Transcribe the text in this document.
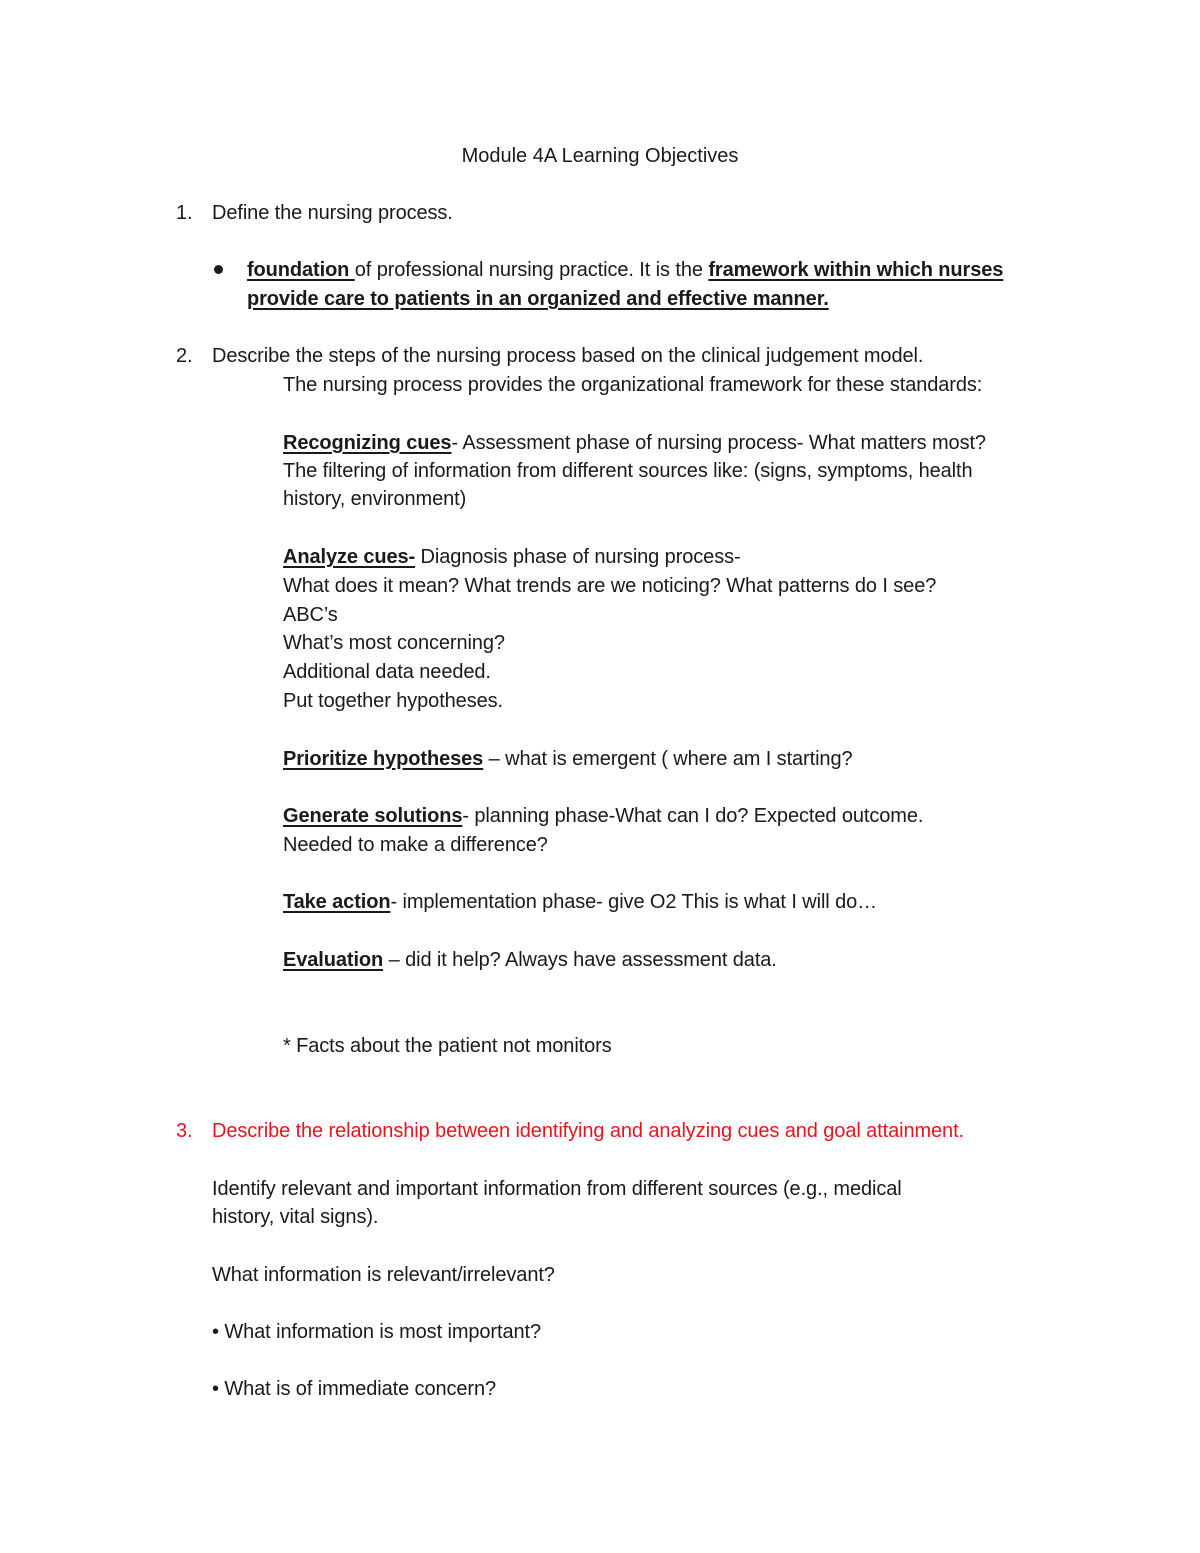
Module 4A Learning Objectives
1. Define the nursing process.
foundation of professional nursing practice. It is the framework within which nurses
provide care to patients in an organized and effective manner.
2. Describe the steps of the nursing process based on the clinical judgement model.
The nursing process provides the organizational framework for these standards:
Recognizing cues- Assessment phase of nursing process- What matters most?
The filtering of information from different sources like: (signs, symptoms, health
history, environment)
Analyze cues- Diagnosis phase of nursing process-
What does it mean? What trends are we noticing? What patterns do I see?
ABC’s
What’s most concerning?
Additional data needed.
Put together hypotheses.
Prioritize hypotheses – what is emergent ( where am I starting?
Generate solutions- planning phase-What can I do? Expected outcome.
Needed to make a difference?
Take action- implementation phase- give O2 This is what I will do…
Evaluation – did it help? Always have assessment data.
* Facts about the patient not monitors
3. Describe the relationship between identifying and analyzing cues and goal attainment.
Identify relevant and important information from different sources (e.g., medical
history, vital signs).
What information is relevant/irrelevant?
• What information is most important?
• What is of immediate concern?
